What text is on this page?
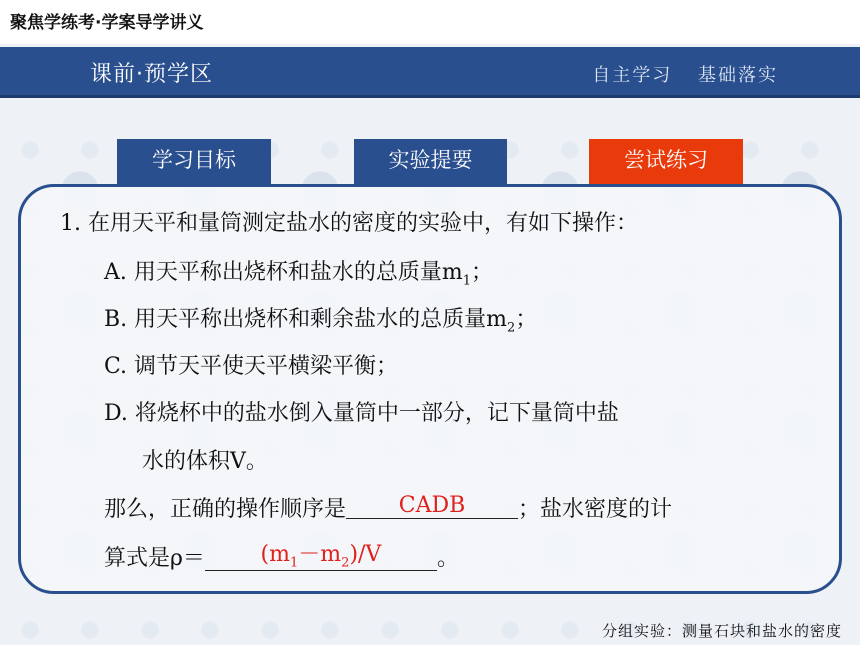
聚焦学练考·学案导学讲义
课前·预学区	自主学习 基础落实
学习目标	实验提要	尝试练习
1. 在用天平和量筒测定盐水的密度的实验中，有如下操作：
A. 用天平称出烧杯和盐水的总质量$m_1$；
B. 用天平称出烧杯和剩余盐水的总质量$m_2$；
C. 调节天平使天平横梁平衡；
D. 将烧杯中的盐水倒入量筒中一部分，记下量筒中盐
水的体积V。
那么，正确的操作顺序是 CADB ；盐水密度的计
算式是ρ＝	$(m_1-m_2)/V$	。
分组实验：测量石块和盐水的密度
